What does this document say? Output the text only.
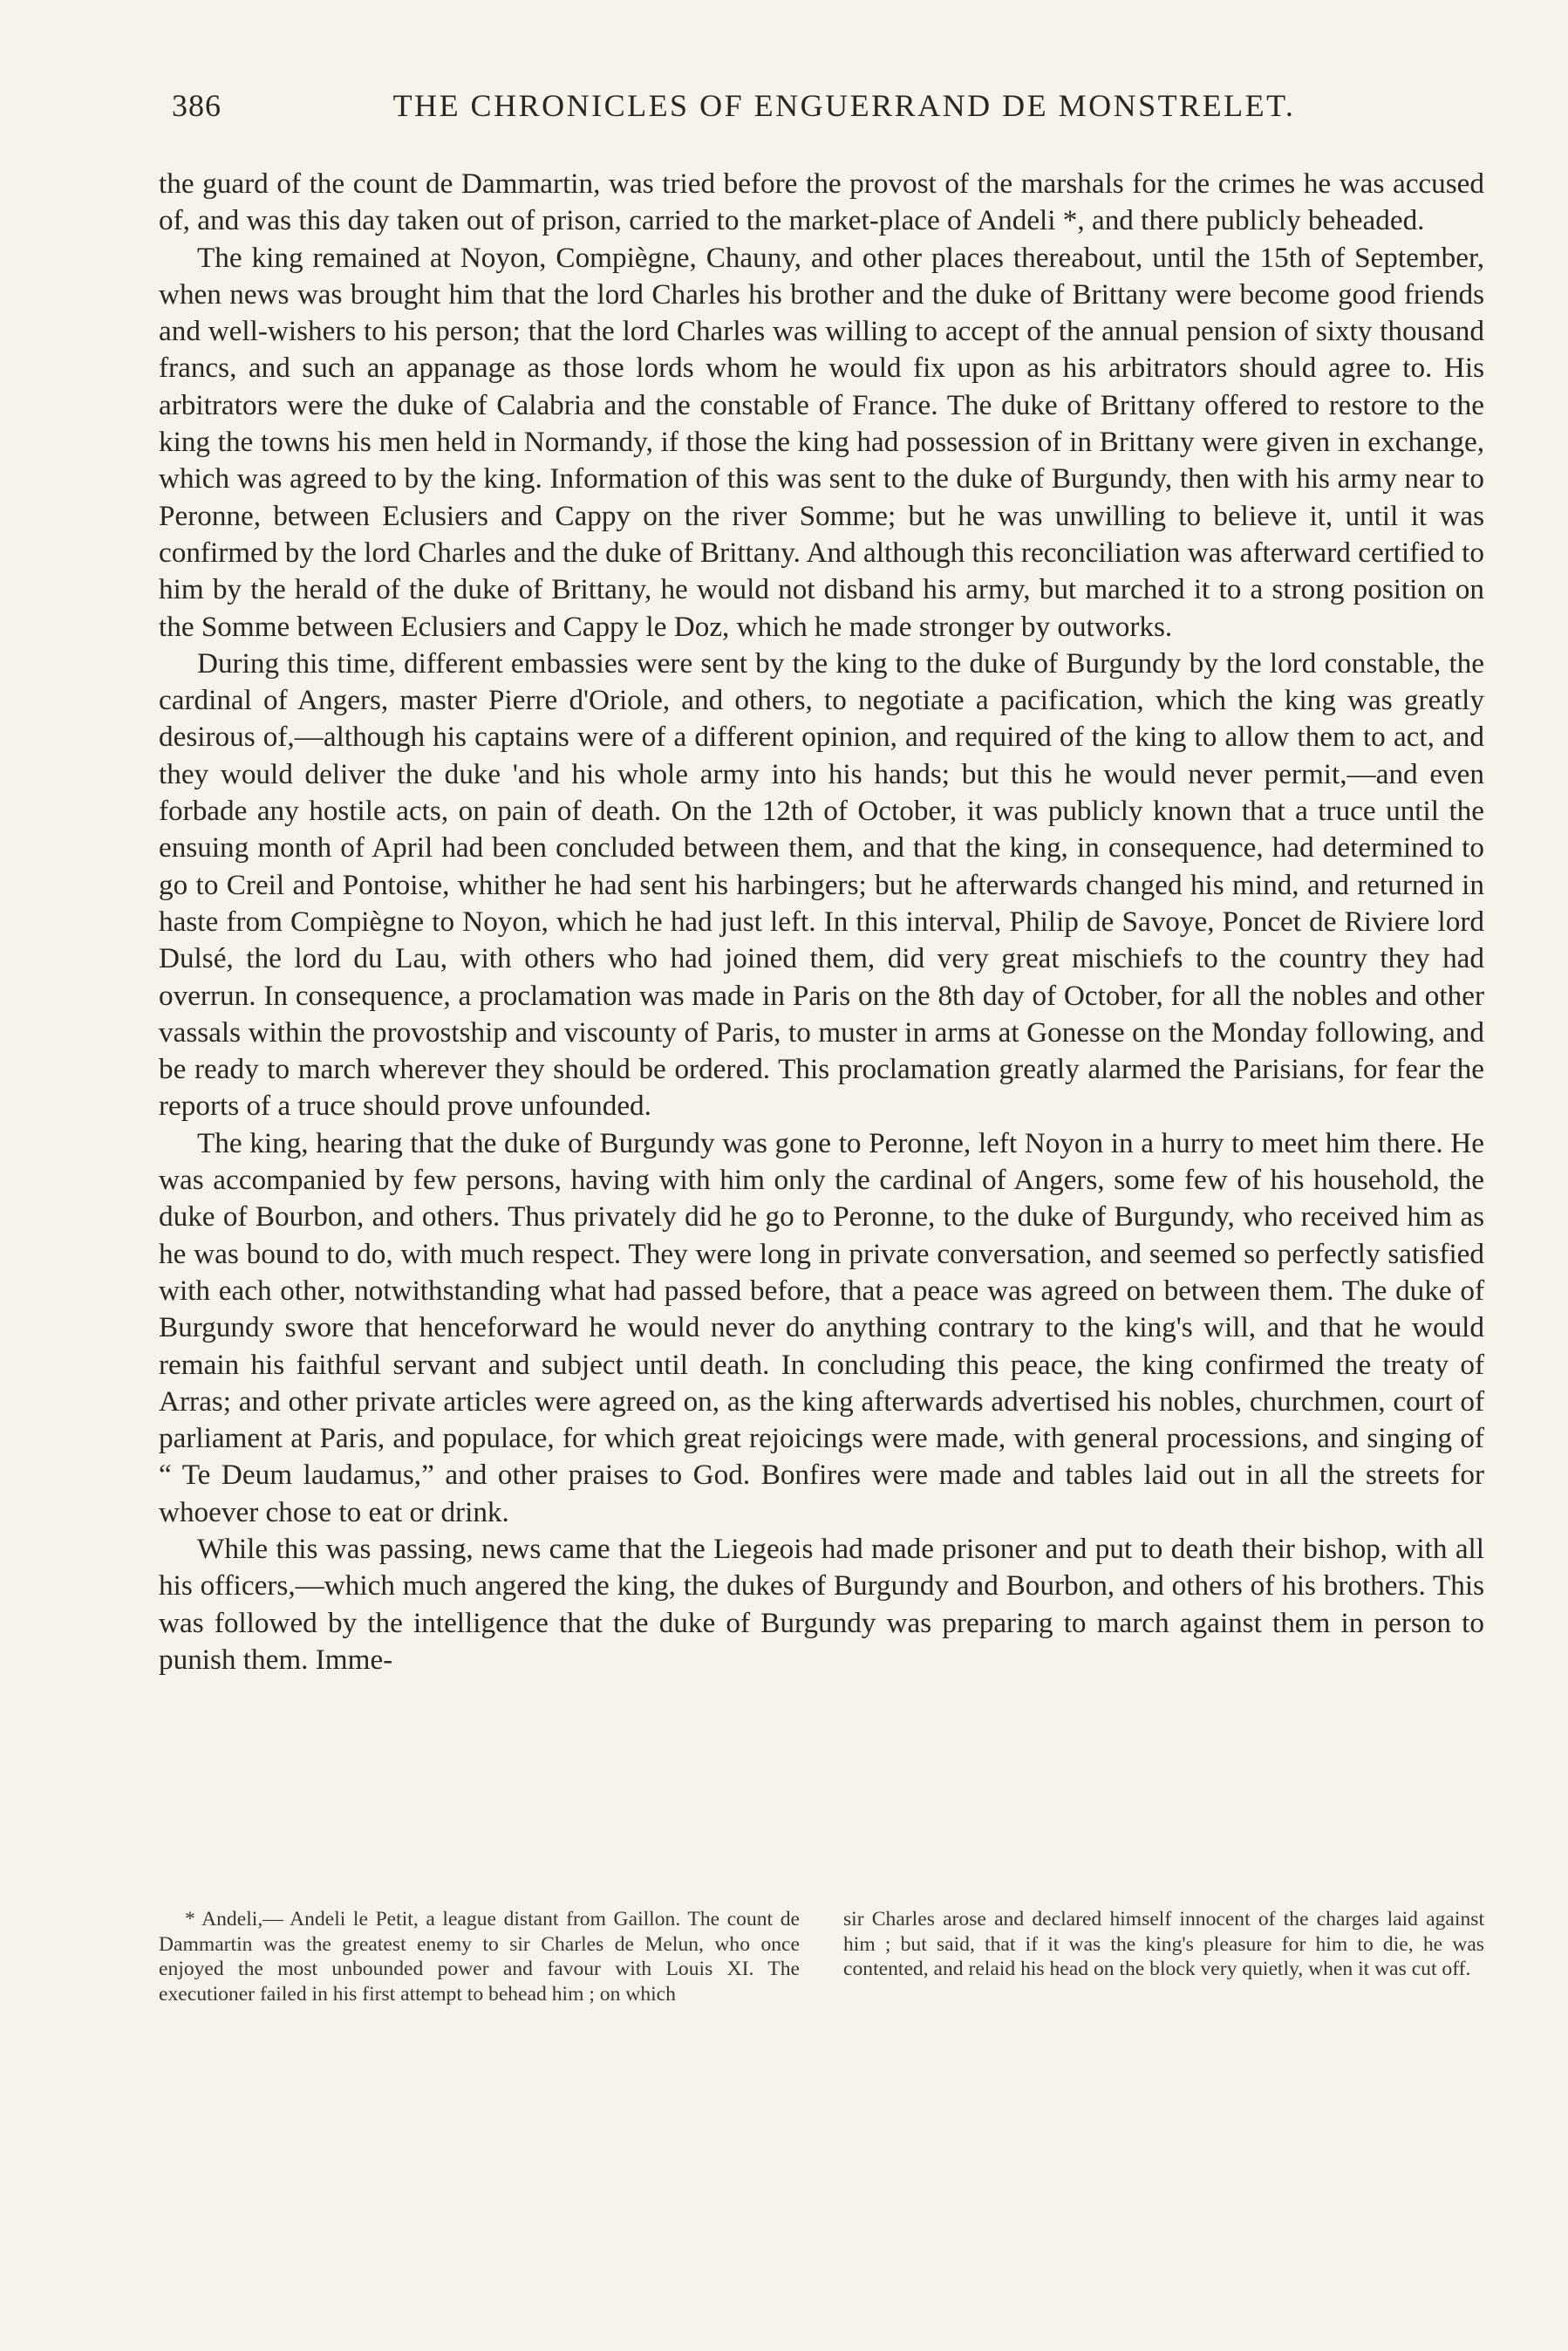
386	THE CHRONICLES OF ENGUERRAND DE MONSTRELET.

the guard of the count de Dammartin, was tried before the provost of the marshals for the crimes he was accused of, and was this day taken out of prison, carried to the market-place of Andeli *, and there publicly beheaded.

The king remained at Noyon, Compiègne, Chauny, and other places thereabout, until the 15th of September, when news was brought him that the lord Charles his brother and the duke of Brittany were become good friends and well-wishers to his person; that the lord Charles was willing to accept of the annual pension of sixty thousand francs, and such an appanage as those lords whom he would fix upon as his arbitrators should agree to. His arbitrators were the duke of Calabria and the constable of France. The duke of Brittany offered to restore to the king the towns his men held in Normandy, if those the king had possession of in Brittany were given in exchange, which was agreed to by the king. Information of this was sent to the duke of Burgundy, then with his army near to Peronne, between Eclusiers and Cappy on the river Somme; but he was unwilling to believe it, until it was confirmed by the lord Charles and the duke of Brittany. And although this reconciliation was afterward certified to him by the herald of the duke of Brittany, he would not disband his army, but marched it to a strong position on the Somme between Eclusiers and Cappy le Doz, which he made stronger by outworks.

During this time, different embassies were sent by the king to the duke of Burgundy by the lord constable, the cardinal of Angers, master Pierre d'Oriole, and others, to negotiate a pacification, which the king was greatly desirous of,—although his captains were of a different opinion, and required of the king to allow them to act, and they would deliver the duke 'and his whole army into his hands; but this he would never permit,—and even forbade any hostile acts, on pain of death. On the 12th of October, it was publicly known that a truce until the ensuing month of April had been concluded between them, and that the king, in consequence, had determined to go to Creil and Pontoise, whither he had sent his harbingers; but he afterwards changed his mind, and returned in haste from Compiègne to Noyon, which he had just left. In this interval, Philip de Savoye, Poncet de Riviere lord Dulsé, the lord du Lau, with others who had joined them, did very great mischiefs to the country they had overrun. In consequence, a proclamation was made in Paris on the 8th day of October, for all the nobles and other vassals within the provostship and viscounty of Paris, to muster in arms at Gonesse on the Monday following, and be ready to march wherever they should be ordered. This proclamation greatly alarmed the Parisians, for fear the reports of a truce should prove unfounded.

The king, hearing that the duke of Burgundy was gone to Peronne, left Noyon in a hurry to meet him there. He was accompanied by few persons, having with him only the cardinal of Angers, some few of his household, the duke of Bourbon, and others. Thus privately did he go to Peronne, to the duke of Burgundy, who received him as he was bound to do, with much respect. They were long in private conversation, and seemed so perfectly satisfied with each other, notwithstanding what had passed before, that a peace was agreed on between them. The duke of Burgundy swore that henceforward he would never do anything contrary to the king's will, and that he would remain his faithful servant and subject until death. In concluding this peace, the king confirmed the treaty of Arras; and other private articles were agreed on, as the king afterwards advertised his nobles, churchmen, court of parliament at Paris, and populace, for which great rejoicings were made, with general processions, and singing of “ Te Deum laudamus,” and other praises to God. Bonfires were made and tables laid out in all the streets for whoever chose to eat or drink.

While this was passing, news came that the Liegeois had made prisoner and put to death their bishop, with all his officers,—which much angered the king, the dukes of Burgundy and Bourbon, and others of his brothers. This was followed by the intelligence that the duke of Burgundy was preparing to march against them in person to punish them. Imme-

* Andeli,— Andeli le Petit, a league distant from Gaillon. The count de Dammartin was the greatest enemy to sir Charles de Melun, who once enjoyed the most unbounded power and favour with Louis XI. The executioner failed in his first attempt to behead him ; on which

sir Charles arose and declared himself innocent of the charges laid against him ; but said, that if it was the king's pleasure for him to die, he was contented, and relaid his head on the block very quietly, when it was cut off.
